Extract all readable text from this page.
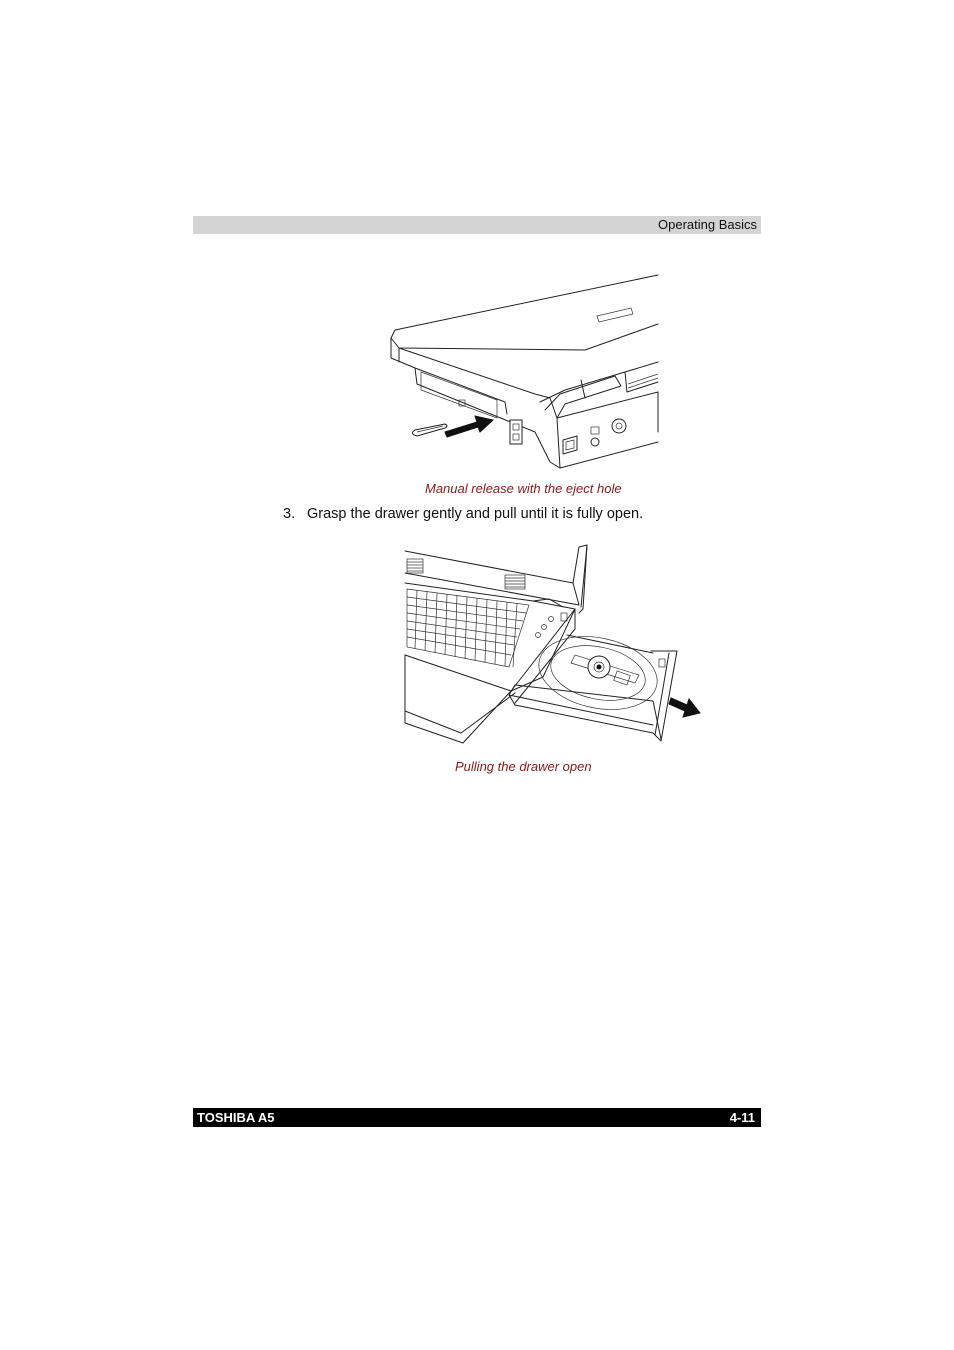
Operating Basics
Manual release with the eject hole
3. Grasp the drawer gently and pull until it is fully open.
Pulling the drawer open
TOSHIBA A5	4-11
